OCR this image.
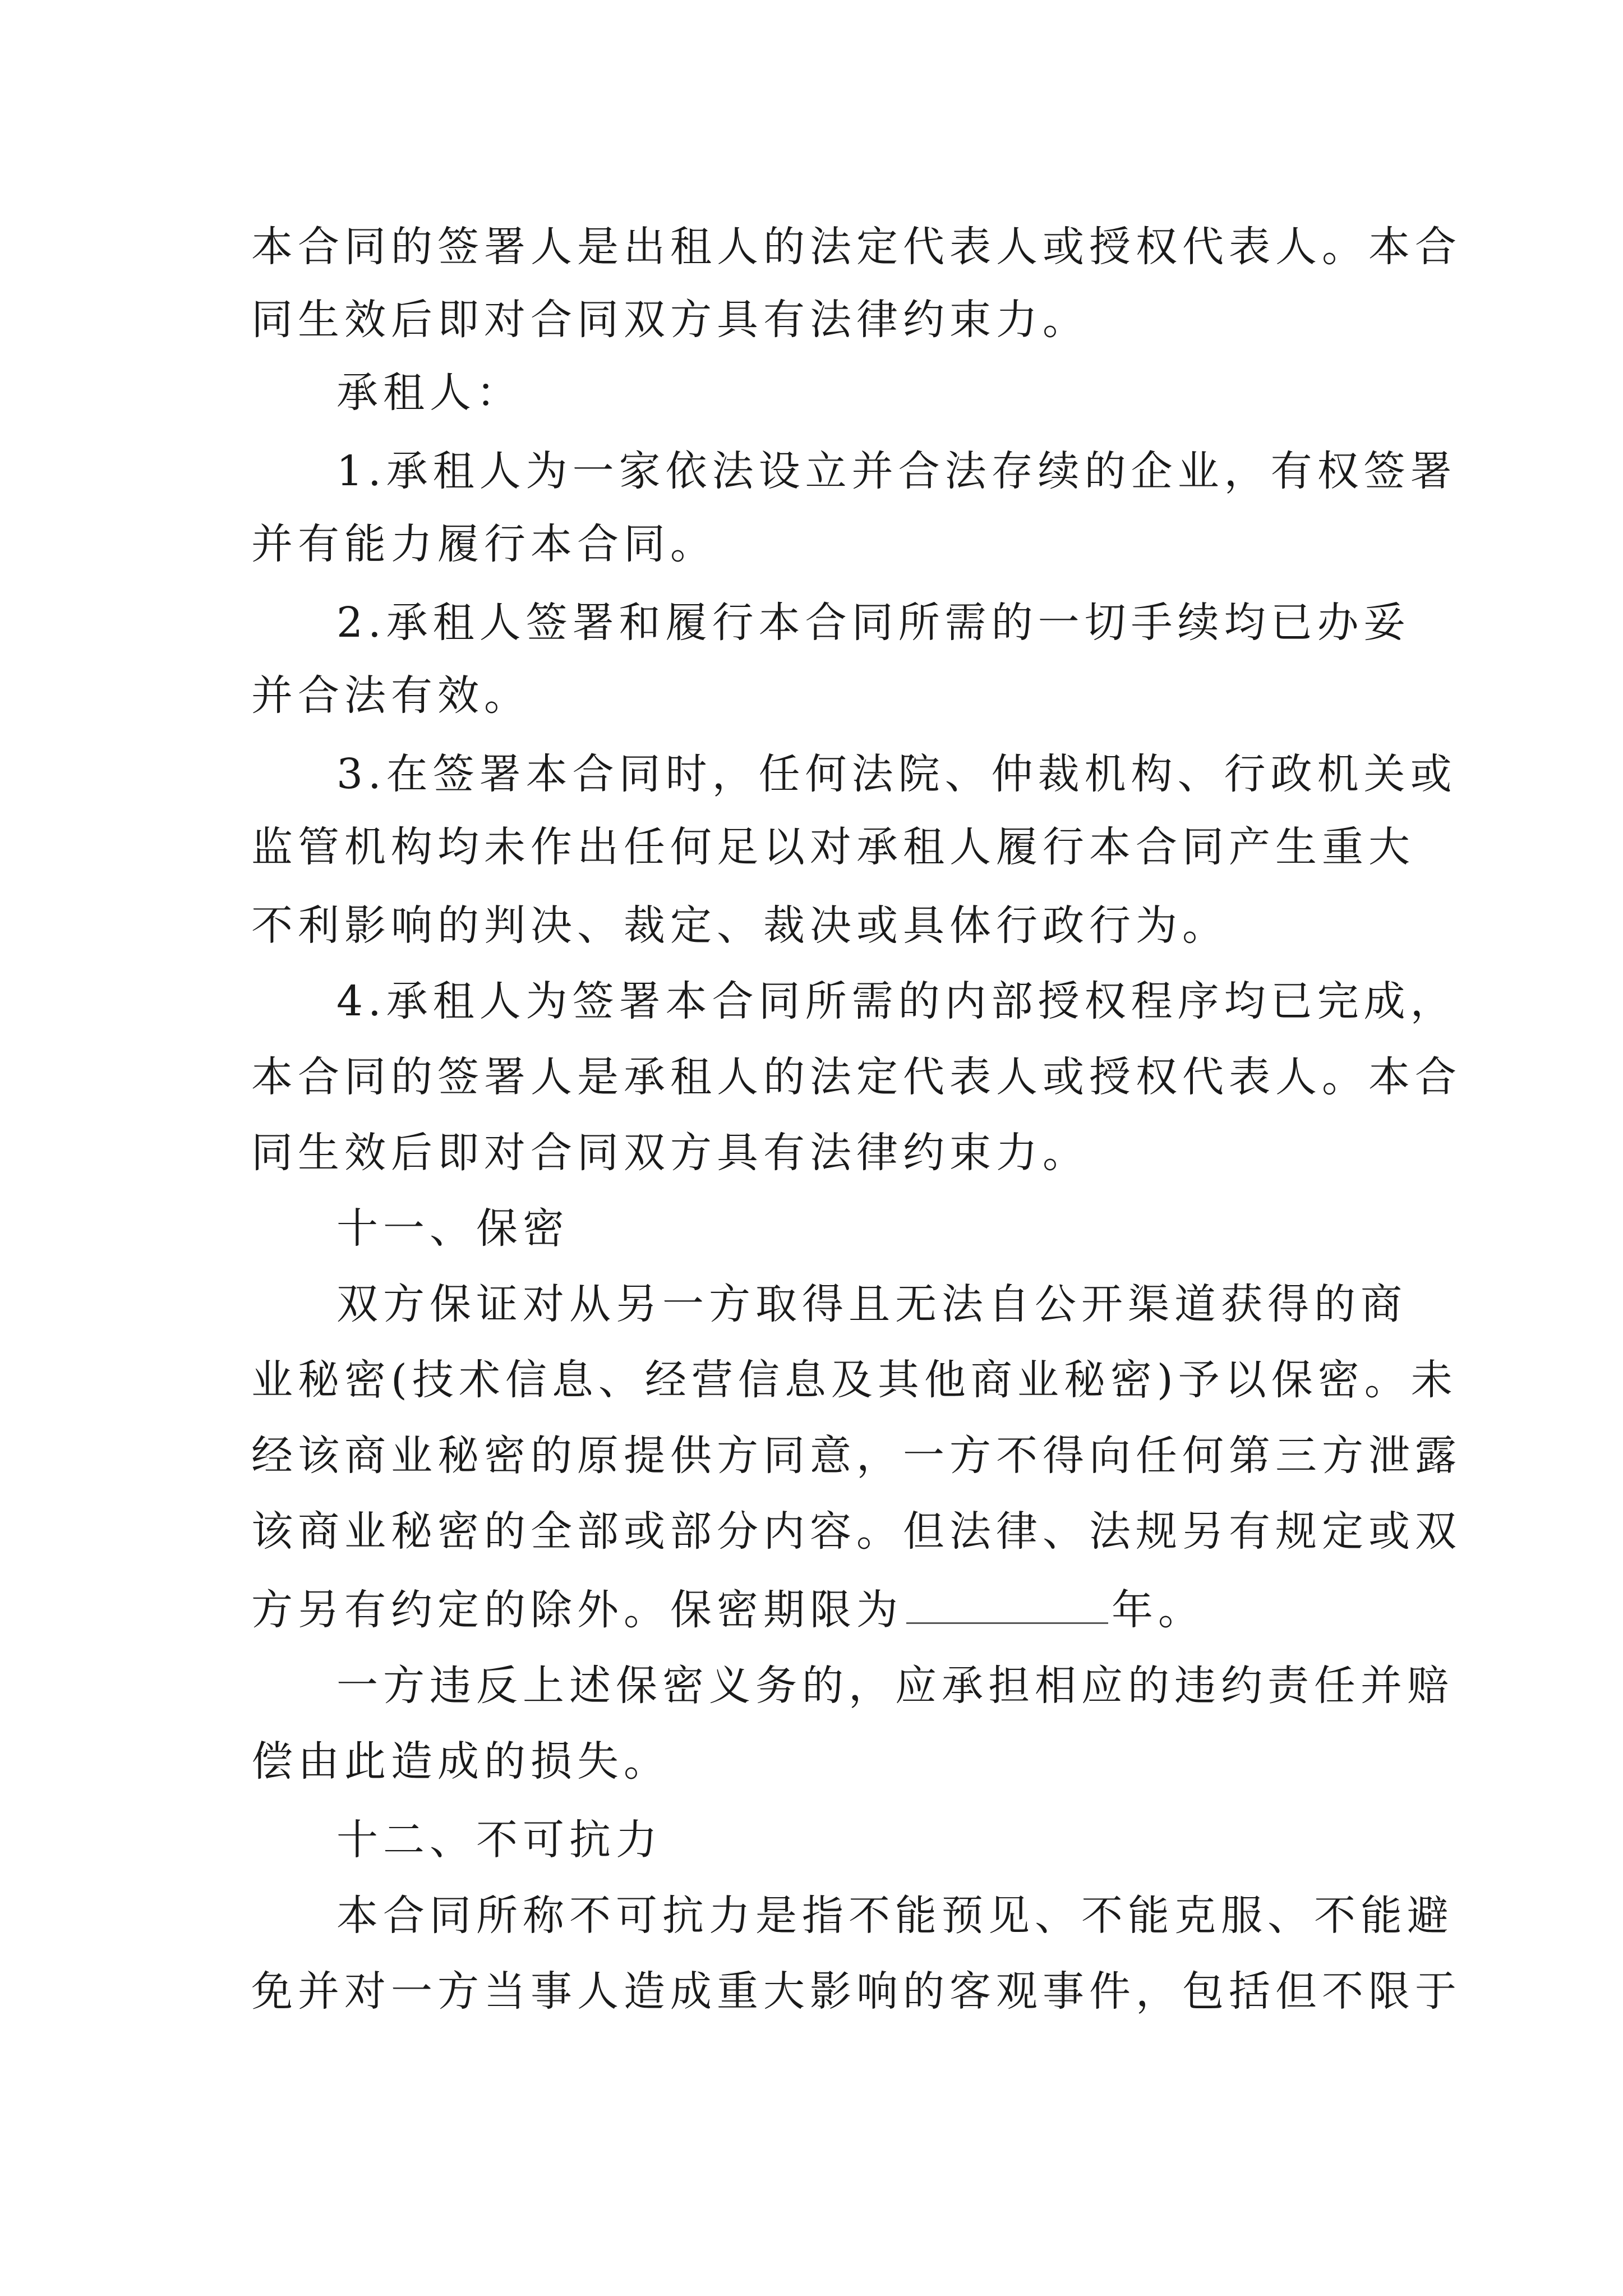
本合同的签署人是出租人的法定代表人或授权代表人。本合
同生效后即对合同双方具有法律约束力。
承租人：
1.承租人为一家依法设立并合法存续的企业，有权签署
并有能力履行本合同。
2.承租人签署和履行本合同所需的一切手续均已办妥
并合法有效。
3.在签署本合同时，任何法院、仲裁机构、行政机关或
监管机构均未作出任何足以对承租人履行本合同产生重大
不利影响的判决、裁定、裁决或具体行政行为。
4.承租人为签署本合同所需的内部授权程序均已完成，
本合同的签署人是承租人的法定代表人或授权代表人。本合
同生效后即对合同双方具有法律约束力。
十一、保密
双方保证对从另一方取得且无法自公开渠道获得的商
业秘密(技术信息、经营信息及其他商业秘密)予以保密。未
经该商业秘密的原提供方同意，一方不得向任何第三方泄露
该商业秘密的全部或部分内容。但法律、法规另有规定或双
方另有约定的除外。保密期限为	年。
一方违反上述保密义务的，应承担相应的违约责任并赔
偿由此造成的损失。
十二、不可抗力
本合同所称不可抗力是指不能预见、不能克服、不能避
免并对一方当事人造成重大影响的客观事件，包括但不限于
